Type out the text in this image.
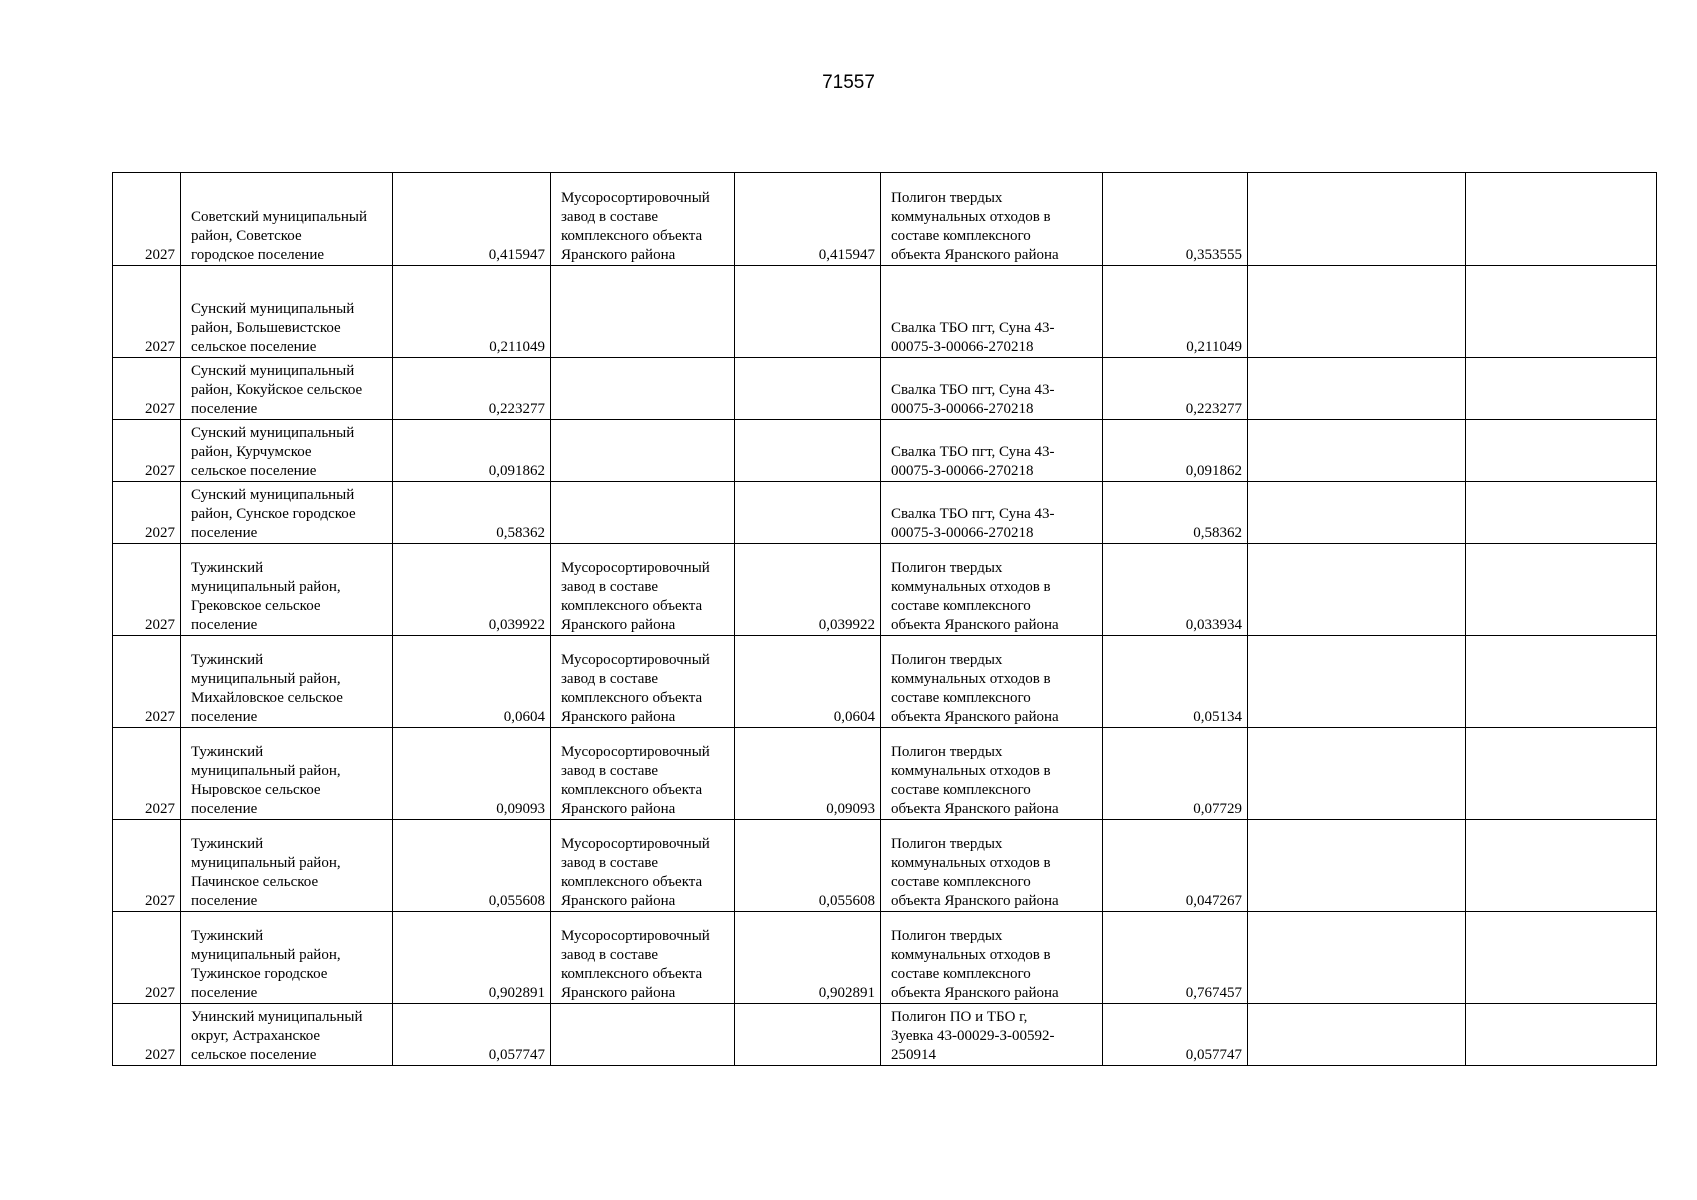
71557
2027	Советский муниципальный
район, Советское
городское поселение	0,415947	Мусоросортировочный
завод в составе
комплексного объекта
Яранского района	0,415947	Полигон твердых
коммунальных отходов в
составе комплексного
объекта Яранского района	0,353555		
2027	Сунский муниципальный
район, Большевистское
сельское поселение	0,211049			Свалка ТБО пгт, Суна 43-
00075-З-00066-270218	0,211049		
2027	Сунский муниципальный
район, Кокуйское сельское
поселение	0,223277			Свалка ТБО пгт, Суна 43-
00075-З-00066-270218	0,223277		
2027	Сунский муниципальный
район, Курчумское
сельское поселение	0,091862			Свалка ТБО пгт, Суна 43-
00075-З-00066-270218	0,091862		
2027	Сунский муниципальный
район, Сунское городское
поселение	0,58362			Свалка ТБО пгт, Суна 43-
00075-З-00066-270218	0,58362		
2027	Тужинский
муниципальный район,
Грековское сельское
поселение	0,039922	Мусоросортировочный
завод в составе
комплексного объекта
Яранского района	0,039922	Полигон твердых
коммунальных отходов в
составе комплексного
объекта Яранского района	0,033934		
2027	Тужинский
муниципальный район,
Михайловское сельское
поселение	0,0604	Мусоросортировочный
завод в составе
комплексного объекта
Яранского района	0,0604	Полигон твердых
коммунальных отходов в
составе комплексного
объекта Яранского района	0,05134		
2027	Тужинский
муниципальный район,
Ныровское сельское
поселение	0,09093	Мусоросортировочный
завод в составе
комплексного объекта
Яранского района	0,09093	Полигон твердых
коммунальных отходов в
составе комплексного
объекта Яранского района	0,07729		
2027	Тужинский
муниципальный район,
Пачинское сельское
поселение	0,055608	Мусоросортировочный
завод в составе
комплексного объекта
Яранского района	0,055608	Полигон твердых
коммунальных отходов в
составе комплексного
объекта Яранского района	0,047267		
2027	Тужинский
муниципальный район,
Тужинское городское
поселение	0,902891	Мусоросортировочный
завод в составе
комплексного объекта
Яранского района	0,902891	Полигон твердых
коммунальных отходов в
составе комплексного
объекта Яранского района	0,767457		
2027	Унинский муниципальный
округ, Астраханское
сельское поселение	0,057747			Полигон ПО и ТБО г,
Зуевка 43-00029-З-00592-
250914	0,057747		
